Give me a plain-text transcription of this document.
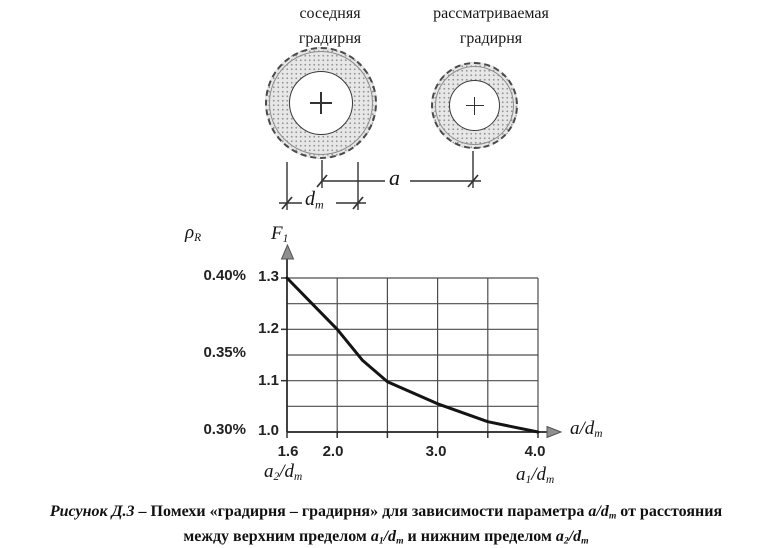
соседняя
градирня
рассматриваемая
градирня
a
$d_m$
$\rho_R$	$F_1$
$a/d_m$
0.40%
0.35%
0.30%
1.3
1.2
1.1
1.0
1.6	2.0	3.0	4.0
$a_2/d_m$	$a_1/d_m$
Рисунок Д.3 – Помехи «градирня – градирня» для зависимости параметра $a/d_m$ от расстояния
между верхним пределом $a_1/d_m$ и нижним пределом $a_2/d_m$
